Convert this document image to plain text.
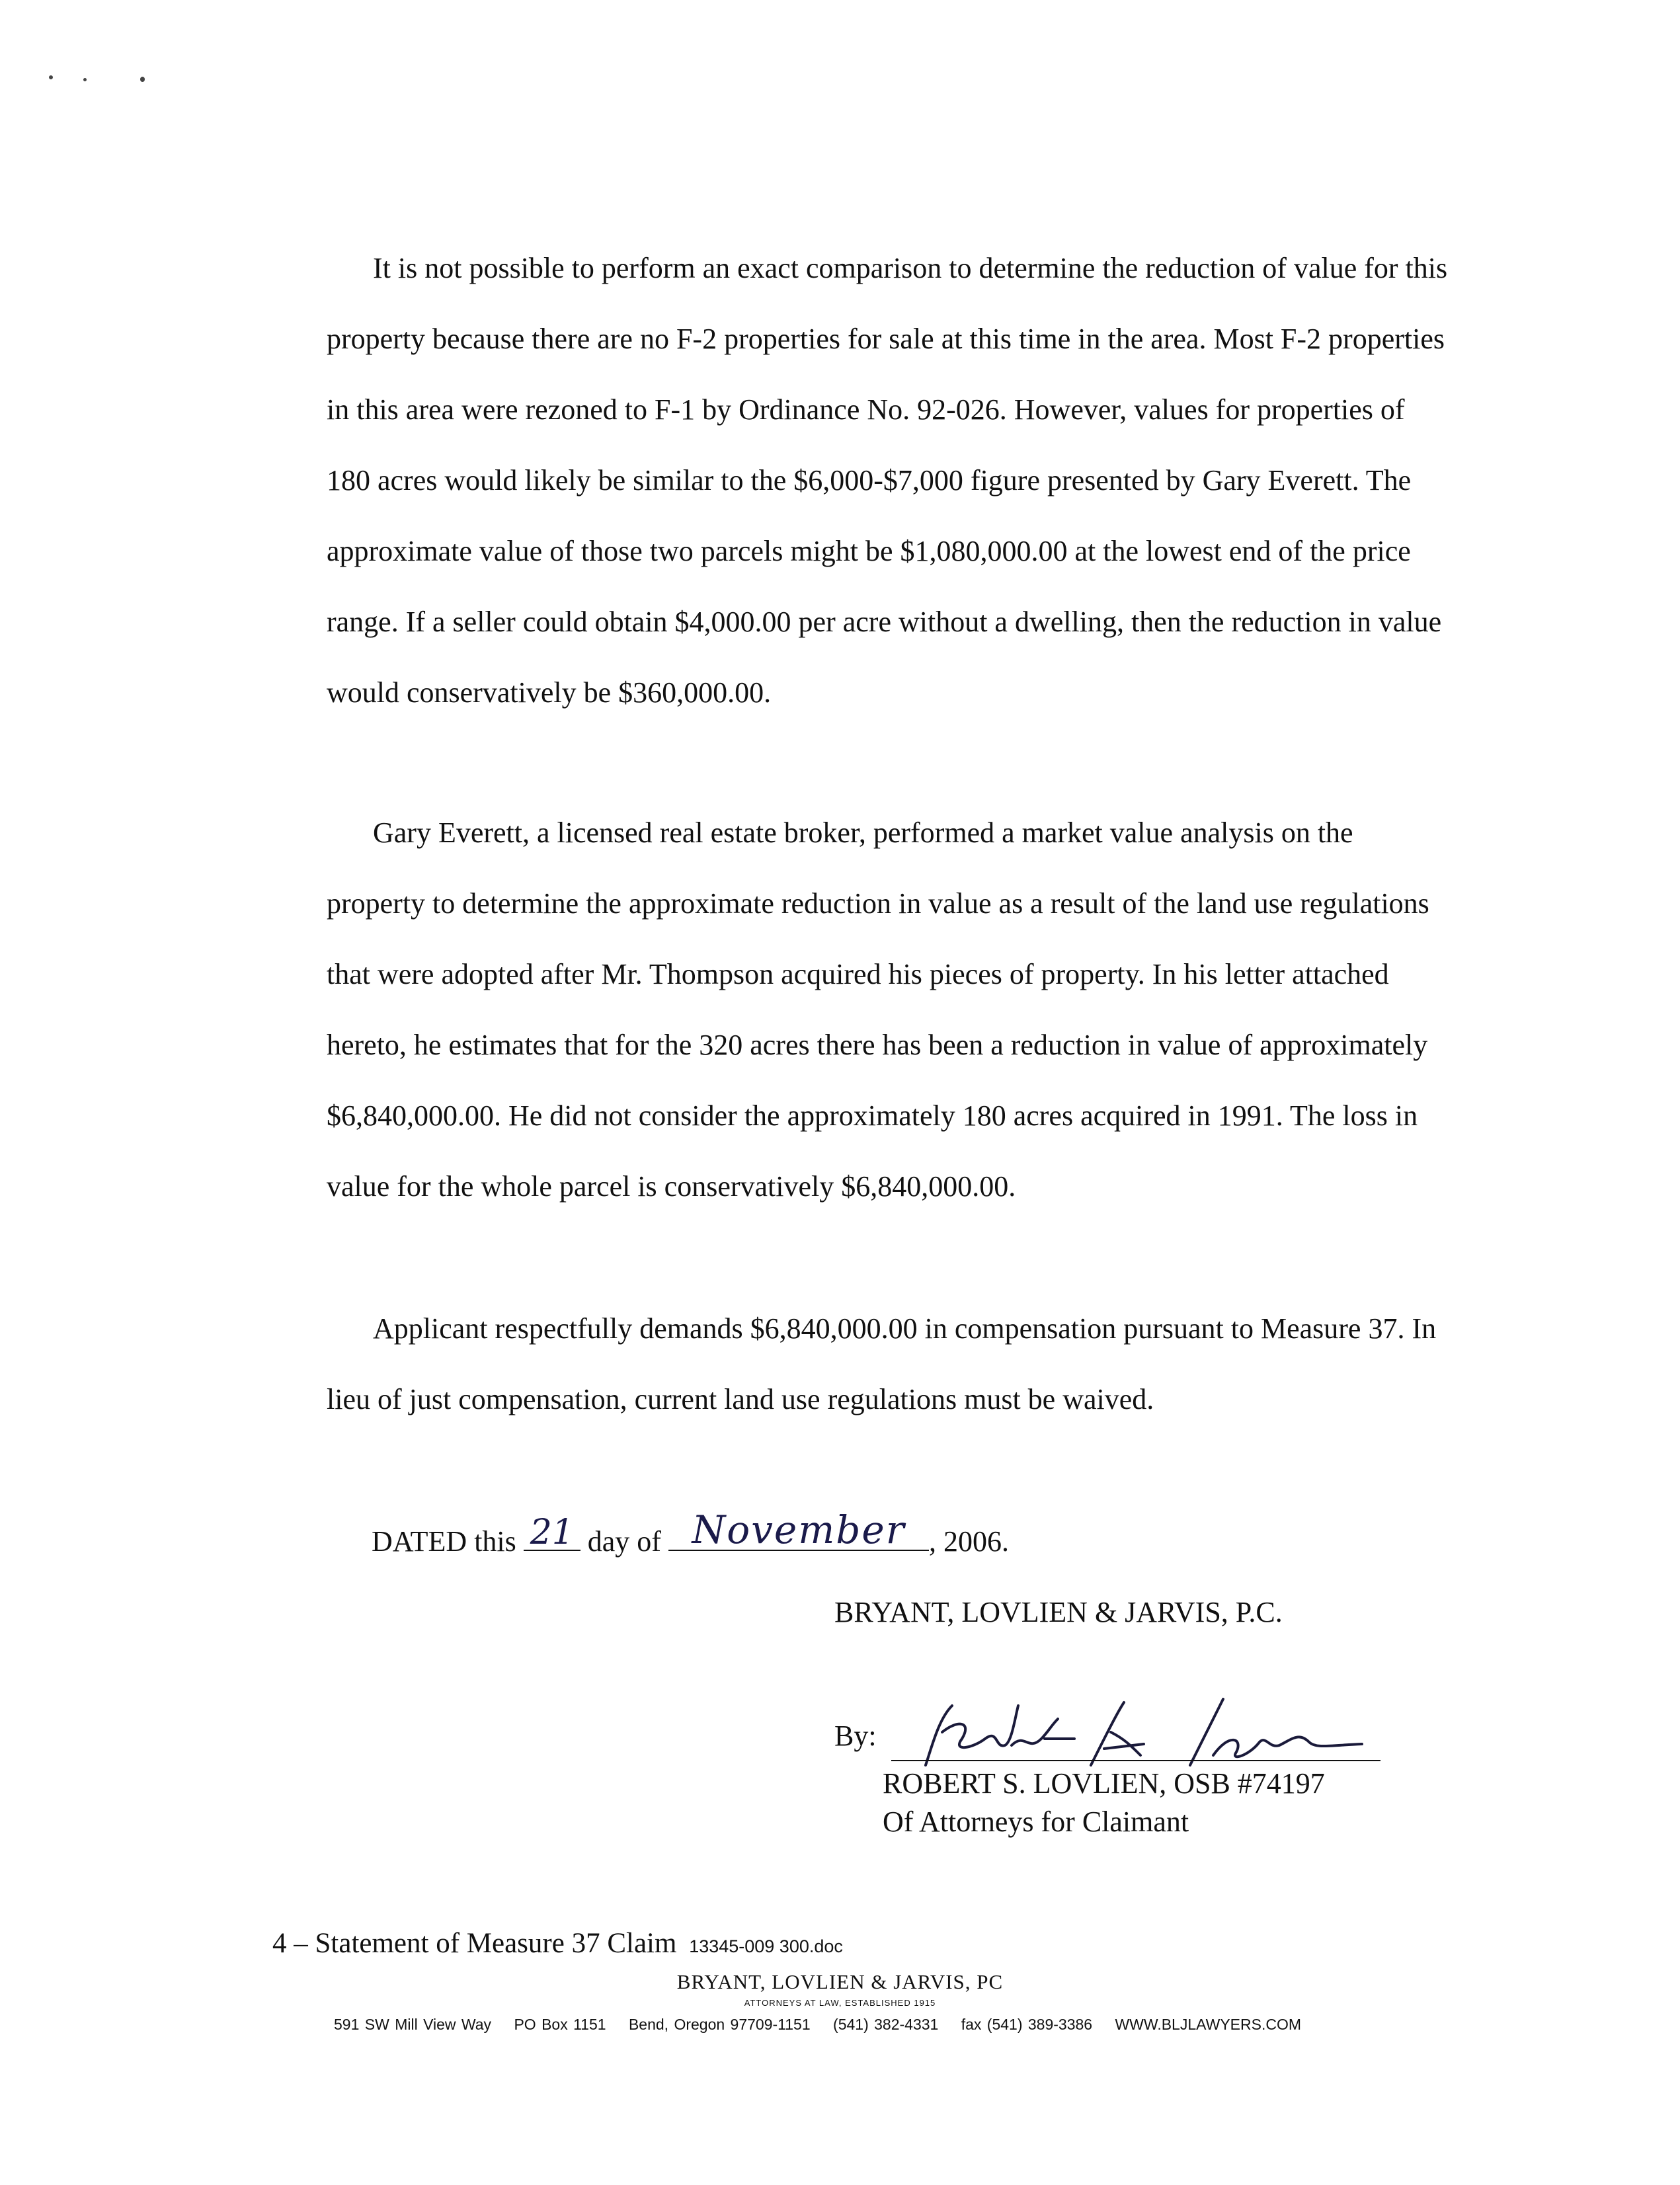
It is not possible to perform an exact comparison to determine the reduction of value for this property because there are no F-2 properties for sale at this time in the area. Most F-2 properties in this area were rezoned to F-1 by Ordinance No. 92-026. However, values for properties of 180 acres would likely be similar to the $6,000-$7,000 figure presented by Gary Everett. The approximate value of those two parcels might be $1,080,000.00 at the lowest end of the price range. If a seller could obtain $4,000.00 per acre without a dwelling, then the reduction in value would conservatively be $360,000.00.

Gary Everett, a licensed real estate broker, performed a market value analysis on the property to determine the approximate reduction in value as a result of the land use regulations that were adopted after Mr. Thompson acquired his pieces of property. In his letter attached hereto, he estimates that for the 320 acres there has been a reduction in value of approximately $6,840,000.00. He did not consider the approximately 180 acres acquired in 1991. The loss in value for the whole parcel is conservatively $6,840,000.00.

Applicant respectfully demands $6,840,000.00 in compensation pursuant to Measure 37. In lieu of just compensation, current land use regulations must be waived.

DATED this 21 day of November , 2006.
BRYANT, LOVLIEN & JARVIS, P.C.
By:
ROBERT S. LOVLIEN, OSB #74197
Of Attorneys for Claimant
4 – Statement of Measure 37 Claim 13345-009 300.doc
BRYANT, LOVLIEN & JARVIS, PC
ATTORNEYS AT LAW, ESTABLISHED 1915
591 SW Mill View Way PO Box 1151 Bend, Oregon 97709-1151 (541) 382-4331 fax (541) 389-3386 WWW.BLJLAWYERS.COM
